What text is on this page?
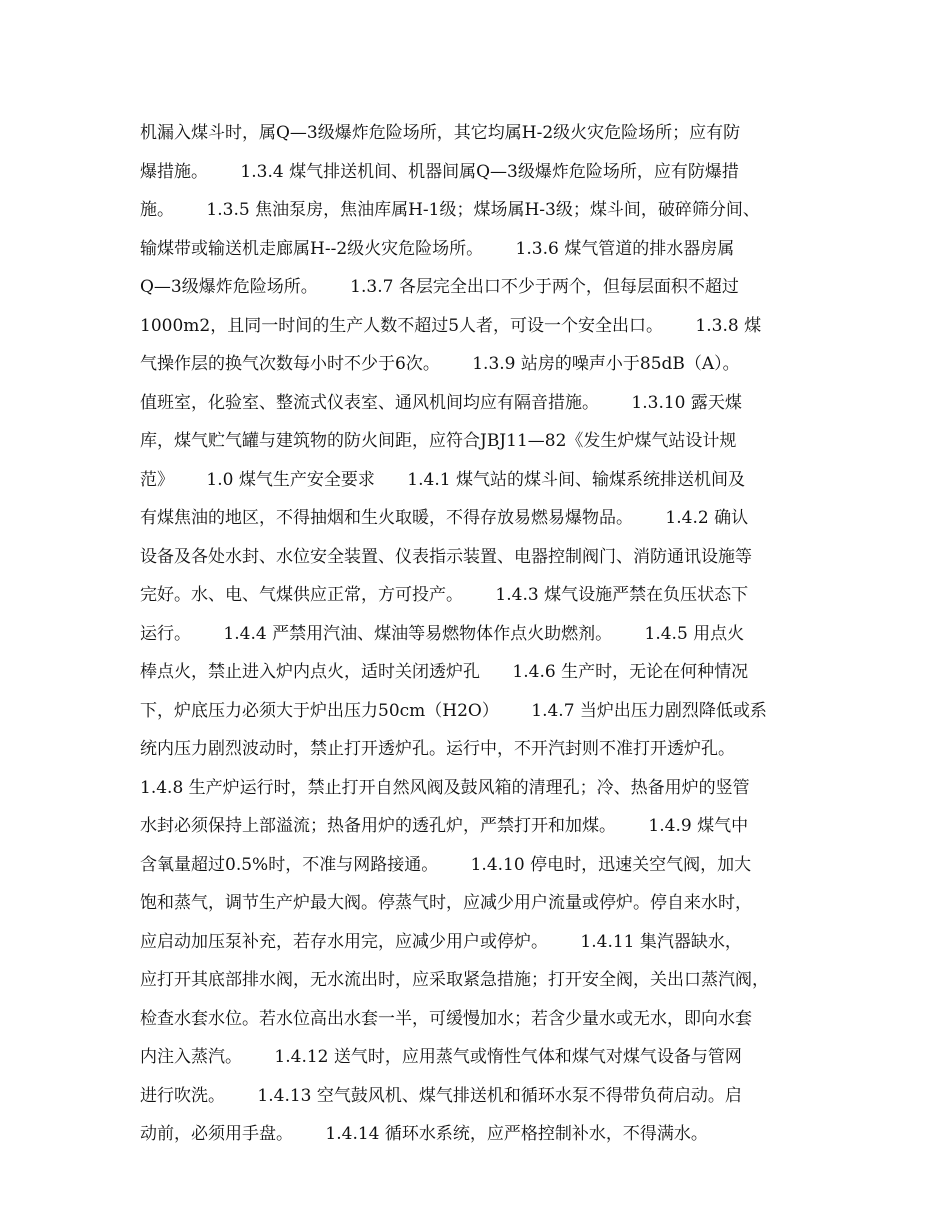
机漏入煤斗时，属Q—3级爆炸危险场所，其它均属H-2级火灾危险场所；应有防
爆措施。      1.3.4 煤气排送机间、机器间属Q—3级爆炸危险场所，应有防爆措
施。      1.3.5 焦油泵房，焦油库属H-1级；煤场属H-3级；煤斗间，破碎筛分间、
输煤带或输送机走廊属H--2级火灾危险场所。      1.3.6 煤气管道的排水器房属
Q—3级爆炸危险场所。      1.3.7 各层完全出口不少于两个，但每层面积不超过
1000m2，且同一时间的生产人数不超过5人者，可设一个安全出口。      1.3.8 煤
气操作层的换气次数每小时不少于6次。      1.3.9 站房的噪声小于85dB（A）。
值班室，化验室、整流式仪表室、通风机间均应有隔音措施。      1.3.10 露天煤
库，煤气贮气罐与建筑物的防火间距，应符合JBJ11—82《发生炉煤气站设计规
范》      1.0 煤气生产安全要求      1.4.1 煤气站的煤斗间、输煤系统排送机间及
有煤焦油的地区，不得抽烟和生火取暖，不得存放易燃易爆物品。      1.4.2 确认
设备及各处水封、水位安全装置、仪表指示装置、电器控制阀门、消防通讯设施等
完好。水、电、气煤供应正常，方可投产。      1.4.3 煤气设施严禁在负压状态下
运行。      1.4.4 严禁用汽油、煤油等易燃物体作点火助燃剂。      1.4.5 用点火
棒点火，禁止进入炉内点火，适时关闭透炉孔      1.4.6 生产时，无论在何种情况
下，炉底压力必须大于炉出压力50cm（H2O）      1.4.7 当炉出压力剧烈降低或系
统内压力剧烈波动时，禁止打开透炉孔。运行中，不开汽封则不准打开透炉孔。
1.4.8 生产炉运行时，禁止打开自然风阀及鼓风箱的清理孔；冷、热备用炉的竖管
水封必须保持上部溢流；热备用炉的透孔炉，严禁打开和加煤。      1.4.9 煤气中
含氧量超过0.5%时，不准与网路接通。      1.4.10 停电时，迅速关空气阀，加大
饱和蒸气，调节生产炉最大阀。停蒸气时，应减少用户流量或停炉。停自来水时，
应启动加压泵补充，若存水用完，应减少用户或停炉。      1.4.11 集汽器缺水，
应打开其底部排水阀，无水流出时，应采取紧急措施；打开安全阀，关出口蒸汽阀，
检查水套水位。若水位高出水套一半，可缓慢加水；若含少量水或无水，即向水套
内注入蒸汽。      1.4.12 送气时，应用蒸气或惰性气体和煤气对煤气设备与管网
进行吹洗。      1.4.13 空气鼓风机、煤气排送机和循环水泵不得带负荷启动。启
动前，必须用手盘。      1.4.14 循环水系统，应严格控制补水，不得满水。
